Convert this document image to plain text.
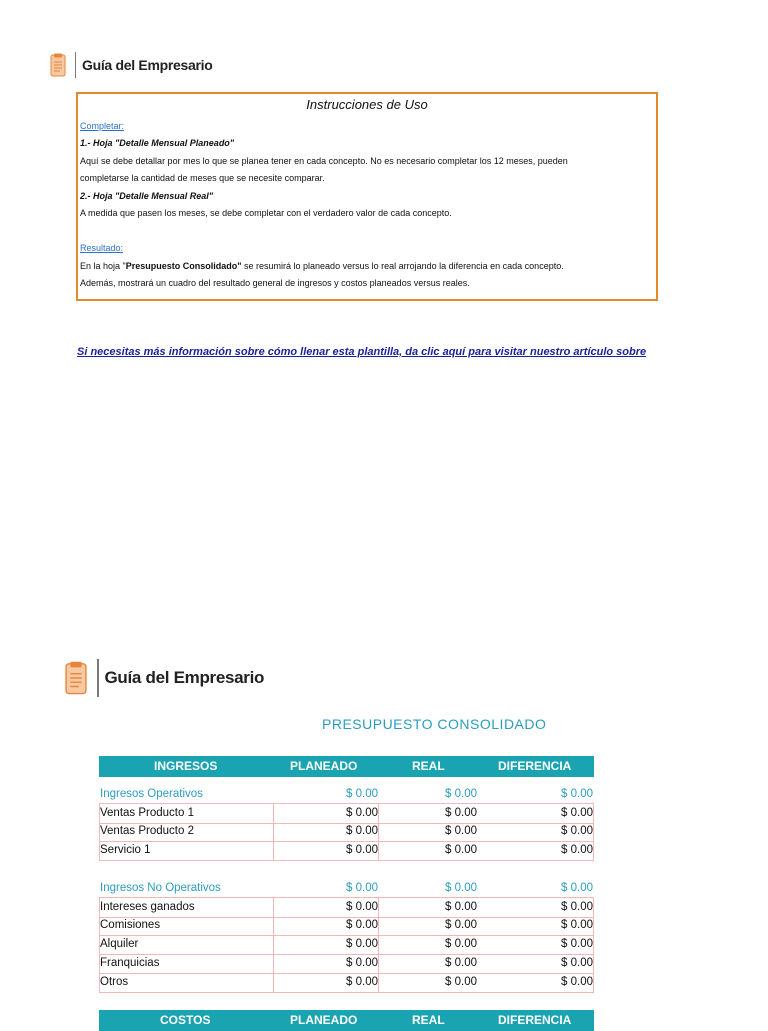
Guía del Empresario
Instrucciones de Uso
Completar:
1.- Hoja "Detalle Mensual Planeado"
Aquí se debe detallar por mes lo que se planea tener en cada concepto. No es necesario completar los 12 meses, pueden
completarse la cantidad de meses que se necesite comparar.
2.- Hoja "Detalle Mensual Real"
A medida que pasen los meses, se debe completar con el verdadero valor de cada concepto.
Resultado:
En la hoja "Presupuesto Consolidado" se resumirá lo planeado versus lo real arrojando la diferencia en cada concepto.
Además, mostrará un cuadro del resultado general de ingresos y costos planeados versus reales.
Si necesitas más información sobre cómo llenar esta plantilla, da clic aquí para visitar nuestro artículo sobre
Guía del Empresario
PRESUPUESTO CONSOLIDADO
INGRESOS	PLANEADO	REAL	DIFERENCIA
Ingresos Operativos	$ 0.00	$ 0.00	$ 0.00
Ventas Producto 1	$ 0.00	$ 0.00	$ 0.00
Ventas Producto 2	$ 0.00	$ 0.00	$ 0.00
Servicio 1	$ 0.00	$ 0.00	$ 0.00
Ingresos No Operativos	$ 0.00	$ 0.00	$ 0.00
Intereses ganados	$ 0.00	$ 0.00	$ 0.00
Comisiones	$ 0.00	$ 0.00	$ 0.00
Alquiler	$ 0.00	$ 0.00	$ 0.00
Franquicias	$ 0.00	$ 0.00	$ 0.00
Otros	$ 0.00	$ 0.00	$ 0.00
COSTOS	PLANEADO	REAL	DIFERENCIA
